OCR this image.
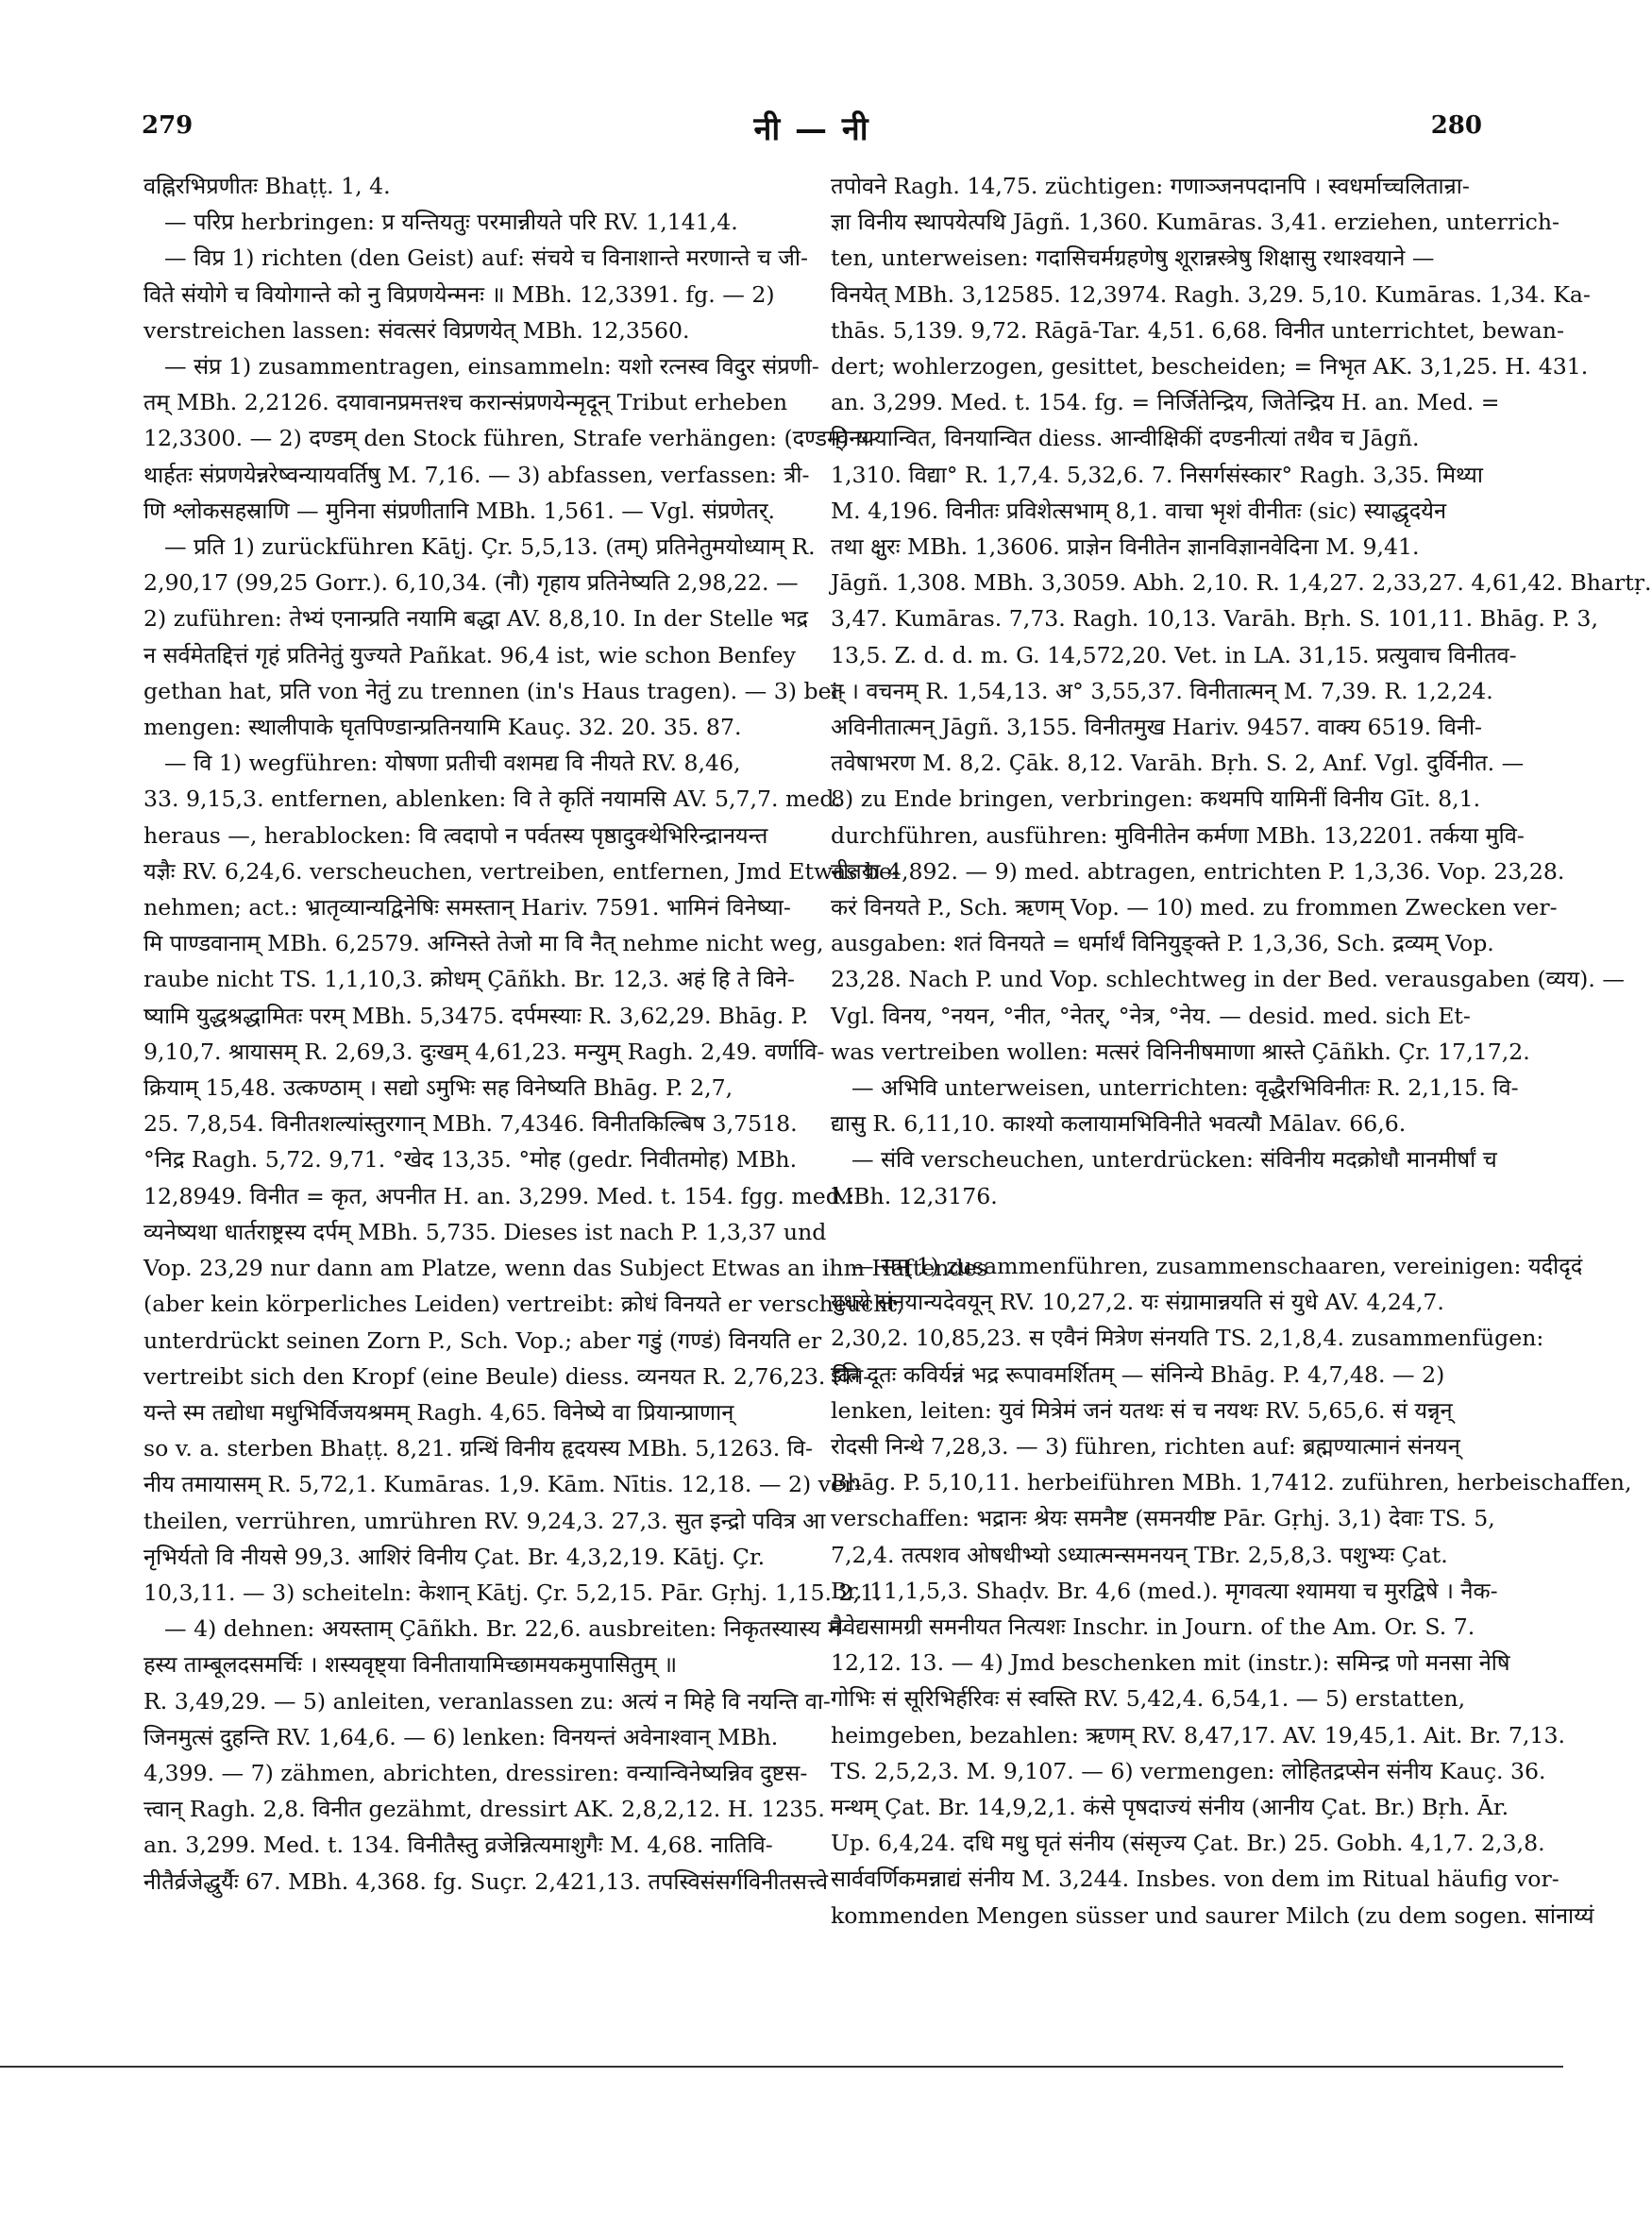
279	नी — नी	280
वह्निरभिप्रणीतः Bhaṭṭ. 1, 4.
— परिप्र herbringen: प्र यन्तियतुः परमान्नीयते परि RV. 1,141,4.
— विप्र 1) richten (den Geist) auf: संचये च विनाशान्ते मरणान्ते च जी-
विते संयोगे च वियोगान्ते को नु विप्रणयेन्मनः ॥ MBh. 12,3391. fg. — 2)
verstreichen lassen: संवत्सरं विप्रणयेत् MBh. 12,3560.
— संप्र 1) zusammentragen, einsammeln: यशो रत्नस्व विदुर संप्रणी-
तम् MBh. 2,2126. दयावानप्रमत्तश्च करान्संप्रणयेन्मृदून् Tribut erheben
12,3300. — 2) दण्डम् den Stock führen, Strafe verhängen: (दण्डम्) य-
थार्हतः संप्रणयेन्नरेष्वन्यायवर्तिषु M. 7,16. — 3) abfassen, verfassen: त्री-
णि श्लोकसहस्राणि — मुनिना संप्रणीतानि MBh. 1,561. — Vgl. संप्रणेतर्.
— प्रति 1) zurückführen Kāṭj. Çr. 5,5,13. (तम्) प्रतिनेतुमयोध्याम् R.
2,90,17 (99,25 Gorr.). 6,10,34. (नौ) गृहाय प्रतिनेष्यति 2,98,22. —
2) zuführen: तेभ्यं एनान्प्रति नयामि बद्धा AV. 8,8,10. In der Stelle भद्र
न सर्वमेतद्दित्तं गृहं प्रतिनेतुं युज्यते Pañkat. 96,4 ist, wie schon Benfey
gethan hat, प्रति von नेतुं zu trennen (in's Haus tragen). — 3) bei-
mengen: स्थालीपाके घृतपिण्डान्प्रतिनयामि Kauç. 32. 20. 35. 87.
— वि 1) wegführen: योषणा प्रतीची वशमद्य वि नीयते RV. 8,46,
33. 9,15,3. entfernen, ablenken: वि ते कृतिं नयामसि AV. 5,7,7. med.
heraus —, herablocken: वि त्वदापो न पर्वतस्य पृष्ठादुक्थेभिरिन्द्रानयन्त
यज्ञैः RV. 6,24,6. verscheuchen, vertreiben, entfernen, Jmd Etwas be-
nehmen; act.: भ्रातृव्यान्यद्विनेषिः समस्तान् Hariv. 7591. भामिनं विनेष्या-
मि पाण्डवानाम् MBh. 6,2579. अग्निस्ते तेजो मा वि नैत् nehme nicht weg,
raube nicht TS. 1,1,10,3. क्रोधम् Çāñkh. Br. 12,3. अहं हि ते विने-
ष्यामि युद्धश्रद्धामितः परम् MBh. 5,3475. दर्पमस्याः R. 3,62,29. Bhāg. P.
9,10,7. श्रायासम् R. 2,69,3. दुःखम् 4,61,23. मन्युम् Ragh. 2,49. वर्णावि-
क्रियाम् 15,48. उत्कण्ठाम् । सद्यो ऽमुभिः सह विनेष्यति Bhāg. P. 2,7,
25. 7,8,54. विनीतशल्यांस्तुरगान् MBh. 7,4346. विनीतकिल्बिष 3,7518.
°निद्र Ragh. 5,72. 9,71. °खेद 13,35. °मोह (gedr. निवीतमोह) MBh.
12,8949. विनीत = कृत, अपनीत H. an. 3,299. Med. t. 154. fgg. med.:
व्यनेष्यथा धार्तराष्ट्रस्य दर्पम् MBh. 5,735. Dieses ist nach P. 1,3,37 und
Vop. 23,29 nur dann am Platze, wenn das Subject Etwas an ihm Haftendes
(aber kein körperliches Leiden) vertreibt: क्रोधं विनयते er verscheucht,
unterdrückt seinen Zorn P., Sch. Vop.; aber गडुं (गण्डं) विनयति er
vertreibt sich den Kropf (eine Beule) diess. व्यनयत R. 2,76,23. विन-
यन्ते स्म तद्योधा मधुभिर्विजयश्रमम् Ragh. 4,65. विनेष्ये वा प्रियान्प्राणान्
so v. a. sterben Bhaṭṭ. 8,21. ग्रन्थिं विनीय हृदयस्य MBh. 5,1263. वि-
नीय तमायासम् R. 5,72,1. Kumāras. 1,9. Kām. Nītis. 12,18. — 2) ver-
theilen, verrühren, umrühren RV. 9,24,3. 27,3. सुत इन्द्रो पवित्र आ
नृभिर्यतो वि नीयसे 99,3. आशिरं विनीय Çat. Br. 4,3,2,19. Kāṭj. Çr.
10,3,11. — 3) scheiteln: केशान् Kāṭj. Çr. 5,2,15. Pār. Gṛhj. 1,15. 2,1.
— 4) dehnen: अयस्ताम् Çāñkh. Br. 22,6. ausbreiten: निकृतस्यास्य म-
हस्य ताम्बूलदसमर्चिः । शस्यवृष्ट्या विनीतायामिच्छामयकमुपासितुम् ॥
R. 3,49,29. — 5) anleiten, veranlassen zu: अत्यं न मिहे वि नयन्ति वा-
जिनमुत्सं दुहन्ति RV. 1,64,6. — 6) lenken: विनयन्तं अवेनाश्वान् MBh.
4,399. — 7) zähmen, abrichten, dressiren: वन्यान्विनेष्यन्निव दुष्टस-
त्त्वान् Ragh. 2,8. विनीत gezähmt, dressirt AK. 2,8,2,12. H. 1235.
an. 3,299. Med. t. 134. विनीतैस्तु व्रजेन्नित्यमाशुगैः M. 4,68. नातिवि-
नीतैर्व्रजेद्धुर्यैः 67. MBh. 4,368. fg. Suçr. 2,421,13. तपस्विसंसर्गविनीतसत्त्वे
तपोवने Ragh. 14,75. züchtigen: गणाञ्जनपदानपि । स्वधर्माच्चलितान्रा-
ज्ञा विनीय स्थापयेत्पथि Jāgñ. 1,360. Kumāras. 3,41. erziehen, unterrich-
ten, unterweisen: गदासिचर्मग्रहणेषु शूरान्नस्त्रेषु शिक्षासु रथाश्वयाने —
विनयेत् MBh. 3,12585. 12,3974. Ragh. 3,29. 5,10. Kumāras. 1,34. Ka-
thās. 5,139. 9,72. Rāgā-Tar. 4,51. 6,68. विनीत unterrichtet, bewan-
dert; wohlerzogen, gesittet, bescheiden; = निभृत AK. 3,1,25. H. 431.
an. 3,299. Med. t. 154. fg. = निर्जितेन्द्रिय, जितेन्द्रिय H. an. Med. =
विनययान्वित, विनयान्वित diess. आन्वीक्षिकीं दण्डनीत्यां तथैव च Jāgñ.
1,310. विद्या° R. 1,7,4. 5,32,6. 7. निसर्गसंस्कार° Ragh. 3,35. मिथ्या
M. 4,196. विनीतः प्रविशेत्सभाम् 8,1. वाचा भृशं वीनीतः (sic) स्याद्धृदयेन
तथा क्षुरः MBh. 1,3606. प्राज्ञेन विनीतेन ज्ञानविज्ञानवेदिना M. 9,41.
Jāgñ. 1,308. MBh. 3,3059. Abh. 2,10. R. 1,4,27. 2,33,27. 4,61,42. Bhartṛ.
3,47. Kumāras. 7,73. Ragh. 10,13. Varāh. Bṛh. S. 101,11. Bhāg. P. 3,
13,5. Z. d. d. m. G. 14,572,20. Vet. in LA. 31,15. प्रत्युवाच विनीतव-
त् । वचनम् R. 1,54,13. अ° 3,55,37. विनीतात्मन् M. 7,39. R. 1,2,24.
अविनीतात्मन् Jāgñ. 3,155. विनीतमुख Hariv. 9457. वाक्य 6519. विनी-
तवेषाभरण M. 8,2. Çāk. 8,12. Varāh. Bṛh. S. 2, Anf. Vgl. दुर्विनीत. —
8) zu Ende bringen, verbringen: कथमपि यामिनीं विनीय Gīt. 8,1.
durchführen, ausführen: मुविनीतेन कर्मणा MBh. 13,2201. तर्कया मुवि-
नीतया 4,892. — 9) med. abtragen, entrichten P. 1,3,36. Vop. 23,28.
करं विनयते P., Sch. ऋणम् Vop. — 10) med. zu frommen Zwecken ver-
ausgaben: शतं विनयते = धर्मार्थं विनियुङ्क्ते P. 1,3,36, Sch. द्रव्यम् Vop.
23,28. Nach P. und Vop. schlechtweg in der Bed. verausgaben (व्यय). —
Vgl. विनय, °नयन, °नीत, °नेतर्, °नेत्र, °नेय. — desid. med. sich Et-
was vertreiben wollen: मत्सरं विनिनीषमाणा श्रास्ते Çāñkh. Çr. 17,17,2.
— अभिवि unterweisen, unterrichten: वृद्धैरभिविनीतः R. 2,1,15. वि-
द्यासु R. 6,11,10. काश्यो कलायामभिविनीते भवत्यौ Mālav. 66,6.
— संवि verscheuchen, unterdrücken: संविनीय मदक्रोधौ मानमीर्षां च
MBh. 12,3176.
— सम् 1) zusammenführen, zusammenschaaren, vereinigen: यदीदृदं
युधये संनयान्यदेवयून् RV. 10,27,2. यः संग्रामान्नयति सं युधे AV. 4,24,7.
2,30,2. 10,85,23. स एवैनं मित्रेण संनयति TS. 2,1,8,4. zusammenfügen:
इति दूतः कविर्यन्नं भद्र रूपावमर्शितम् — संनिन्ये Bhāg. P. 4,7,48. — 2)
lenken, leiten: युवं मित्रेमं जनं यतथः सं च नयथः RV. 5,65,6. सं यन्नृन्
रोदसी निन्थे 7,28,3. — 3) führen, richten auf: ब्रह्मण्यात्मानं संनयन्
Bhāg. P. 5,10,11. herbeiführen MBh. 1,7412. zuführen, herbeischaffen,
verschaffen: भद्रानः श्रेयः समनैष्ट (समनयीष्ट Pār. Gṛhj. 3,1) देवाः TS. 5,
7,2,4. तत्पशव ओषधीभ्यो ऽध्यात्मन्समनयन् TBr. 2,5,8,3. पशुभ्यः Çat.
Br. 11,1,5,3. Shaḍv. Br. 4,6 (med.). मृगवत्या श्यामया च मुरद्विषे । नैक-
नैवेद्यसामग्री समनीयत नित्यशः Inschr. in Journ. of the Am. Or. S. 7.
12,12. 13. — 4) Jmd beschenken mit (instr.): समिन्द्र णो मनसा नेषि
गोभिः सं सूरिभिर्हरिवः सं स्वस्ति RV. 5,42,4. 6,54,1. — 5) erstatten,
heimgeben, bezahlen: ऋणम् RV. 8,47,17. AV. 19,45,1. Ait. Br. 7,13.
TS. 2,5,2,3. M. 9,107. — 6) vermengen: लोहितद्रप्सेन संनीय Kauç. 36.
मन्थम् Çat. Br. 14,9,2,1. कंसे पृषदाज्यं संनीय (आनीय Çat. Br.) Bṛh. Ār.
Up. 6,4,24. दधि मधु घृतं संनीय (संसृज्य Çat. Br.) 25. Gobh. 4,1,7. 2,3,8.
सार्ववर्णिकमन्नाद्यं संनीय M. 3,244. Insbes. von dem im Ritual häufig vor-
kommenden Mengen süsser und saurer Milch (zu dem sogen. सांनाय्यं
